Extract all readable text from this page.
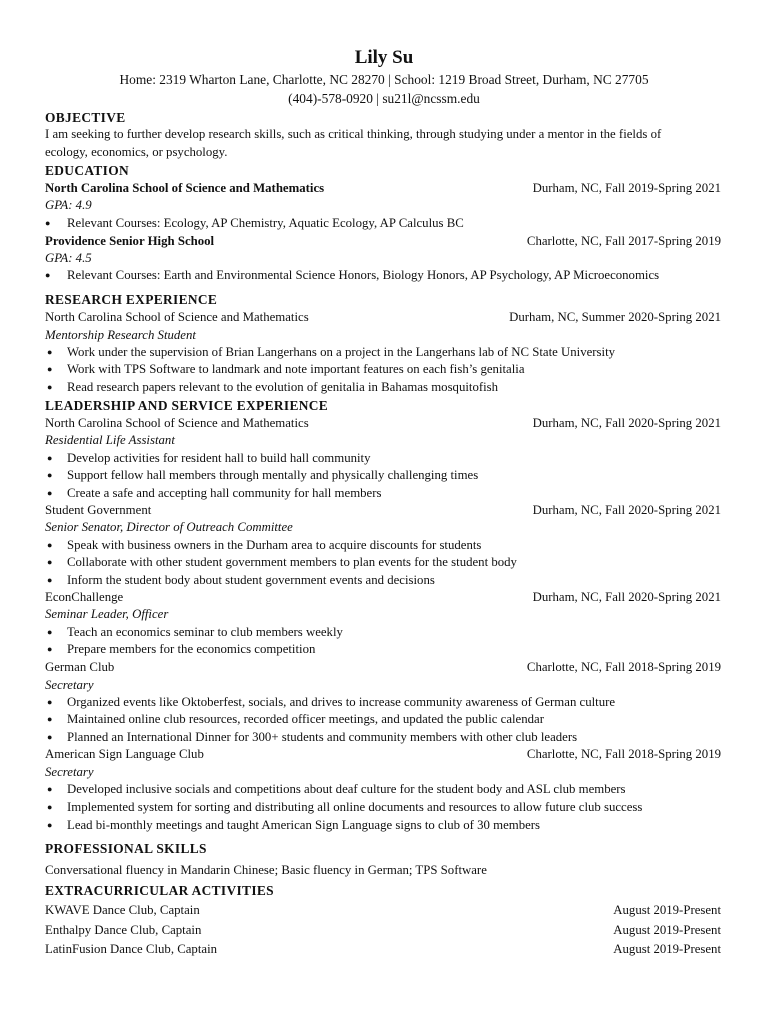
Lily Su
Home: 2319 Wharton Lane, Charlotte, NC 28270 | School: 1219 Broad Street, Durham, NC 27705
(404)-578-0920 | su21l@ncssm.edu
OBJECTIVE
I am seeking to further develop research skills, such as critical thinking, through studying under a mentor in the fields of
ecology, economics, or psychology.
EDUCATION
North Carolina School of Science and Mathematics	Durham, NC, Fall 2019-Spring 2021
GPA: 4.9
● Relevant Courses: Ecology, AP Chemistry, Aquatic Ecology, AP Calculus BC
Providence Senior High School	Charlotte, NC, Fall 2017-Spring 2019
GPA: 4.5
● Relevant Courses: Earth and Environmental Science Honors, Biology Honors, AP Psychology, AP Microeconomics
RESEARCH EXPERIENCE
North Carolina School of Science and Mathematics	Durham, NC, Summer 2020-Spring 2021
Mentorship Research Student
● Work under the supervision of Brian Langerhans on a project in the Langerhans lab of NC State University
● Work with TPS Software to landmark and note important features on each fish’s genitalia
● Read research papers relevant to the evolution of genitalia in Bahamas mosquitofish
LEADERSHIP AND SERVICE EXPERIENCE
North Carolina School of Science and Mathematics	Durham, NC, Fall 2020-Spring 2021
Residential Life Assistant
● Develop activities for resident hall to build hall community
● Support fellow hall members through mentally and physically challenging times
● Create a safe and accepting hall community for hall members
Student Government	Durham, NC, Fall 2020-Spring 2021
Senior Senator, Director of Outreach Committee
● Speak with business owners in the Durham area to acquire discounts for students
● Collaborate with other student government members to plan events for the student body
● Inform the student body about student government events and decisions
EconChallenge	Durham, NC, Fall 2020-Spring 2021
Seminar Leader, Officer
● Teach an economics seminar to club members weekly
● Prepare members for the economics competition
German Club	Charlotte, NC, Fall 2018-Spring 2019
Secretary
● Organized events like Oktoberfest, socials, and drives to increase community awareness of German culture
● Maintained online club resources, recorded officer meetings, and updated the public calendar
● Planned an International Dinner for 300+ students and community members with other club leaders
American Sign Language Club	Charlotte, NC, Fall 2018-Spring 2019
Secretary
● Developed inclusive socials and competitions about deaf culture for the student body and ASL club members
● Implemented system for sorting and distributing all online documents and resources to allow future club success
● Lead bi-monthly meetings and taught American Sign Language signs to club of 30 members
PROFESSIONAL SKILLS
Conversational fluency in Mandarin Chinese; Basic fluency in German; TPS Software
EXTRACURRICULAR ACTIVITIES
KWAVE Dance Club, Captain	August 2019-Present
Enthalpy Dance Club, Captain	August 2019-Present
LatinFusion Dance Club, Captain	August 2019-Present
